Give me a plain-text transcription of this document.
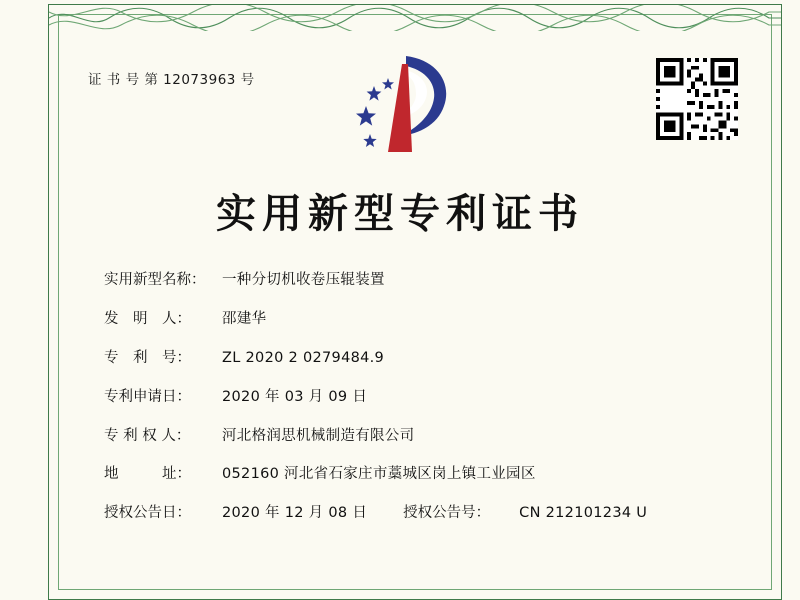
证 书 号 第 12073963 号
实用新型专利证书
实用新型名称：	一种分切机收卷压辊装置
发　明　人：	邵建华
专　利　号：	ZL 2020 2 0279484.9
专利申请日：	2020 年 03 月 09 日
专 利 权 人：	河北格润思机械制造有限公司
地　　　址：	052160 河北省石家庄市藁城区岗上镇工业园区
授权公告日：	2020 年 12 月 08 日 授权公告号：	CN 212101234 U
